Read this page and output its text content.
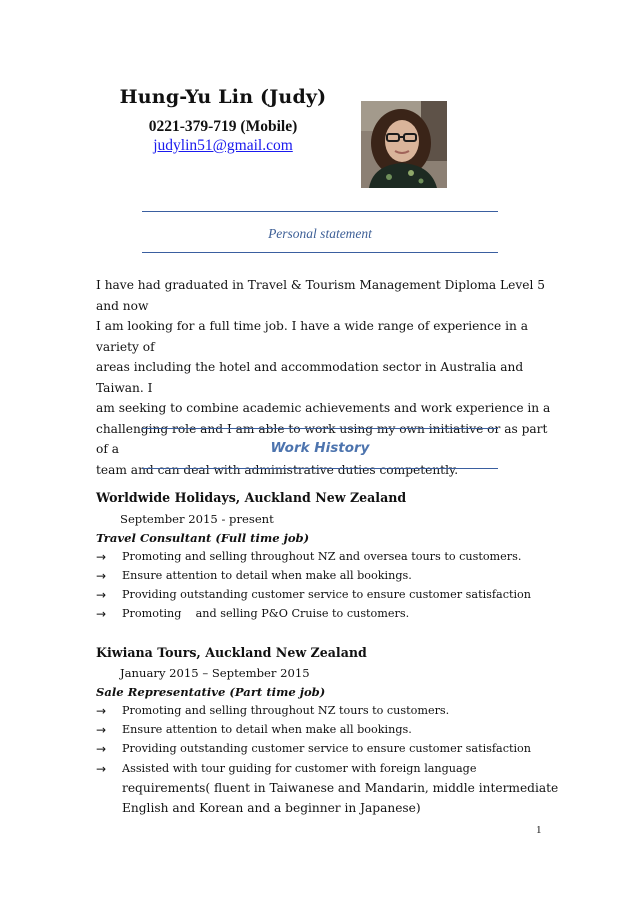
Hung-Yu Lin (Judy)
0221-379-719 (Mobile)
judylin51@gmail.com
Personal statement

I have had graduated in Travel & Tourism Management Diploma Level 5 and now

I am looking for a full time job. I have a wide range of experience in a variety of

areas including the hotel and accommodation sector in Australia and Taiwan. I

am seeking to combine academic achievements and work experience in a

challenging role and I am able to work using my own initiative or as part of a

team and can deal with administrative duties competently.

Work History
Worldwide Holidays, Auckland New Zealand
September 2015 - present
Travel Consultant (Full time job)
→ Promoting and selling throughout NZ and oversea tours to customers.
→ Ensure attention to detail when make all bookings.
→ Providing outstanding customer service to ensure customer satisfaction
→ Promoting    and selling P&O Cruise to customers.
Kiwiana Tours, Auckland New Zealand
January 2015 – September 2015
Sale Representative (Part time job)
→ Promoting and selling throughout NZ tours to customers.
→ Ensure attention to detail when make all bookings.
→ Providing outstanding customer service to ensure customer satisfaction
→ Assisted with tour guiding for customer with foreign language
requirements( fluent in Taiwanese and Mandarin, middle intermediate
English and Korean and a beginner in Japanese)
1
